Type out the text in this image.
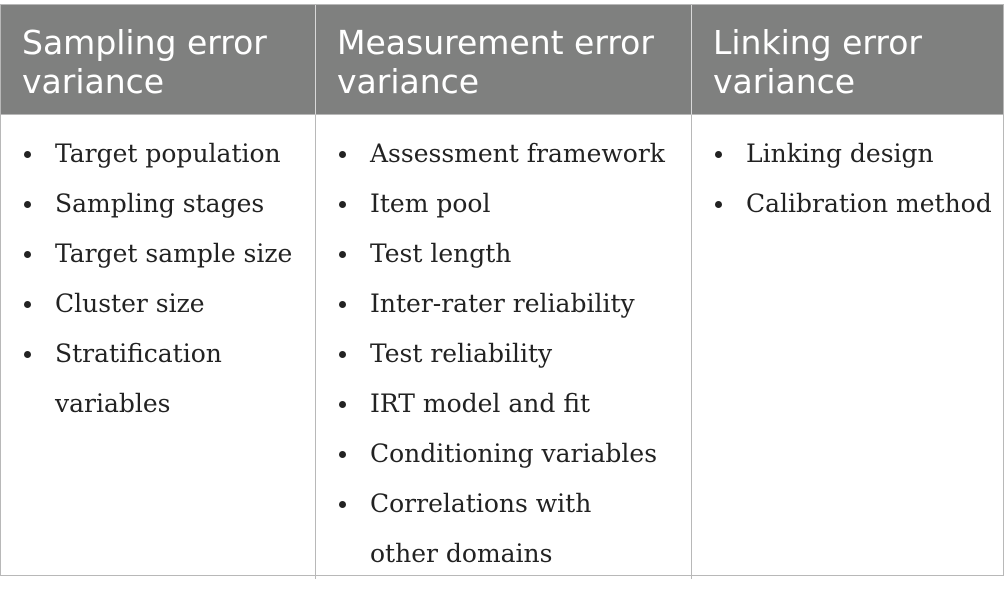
Sampling error
variance
Measurement error
variance
Linking error
variance
Target population
Sampling stages
Target sample size
Cluster size
Stratification
variables
Assessment framework
Item pool
Test length
Inter-rater reliability
Test reliability
IRT model and fit
Conditioning variables
Correlations with
other domains
Linking design
Calibration method
